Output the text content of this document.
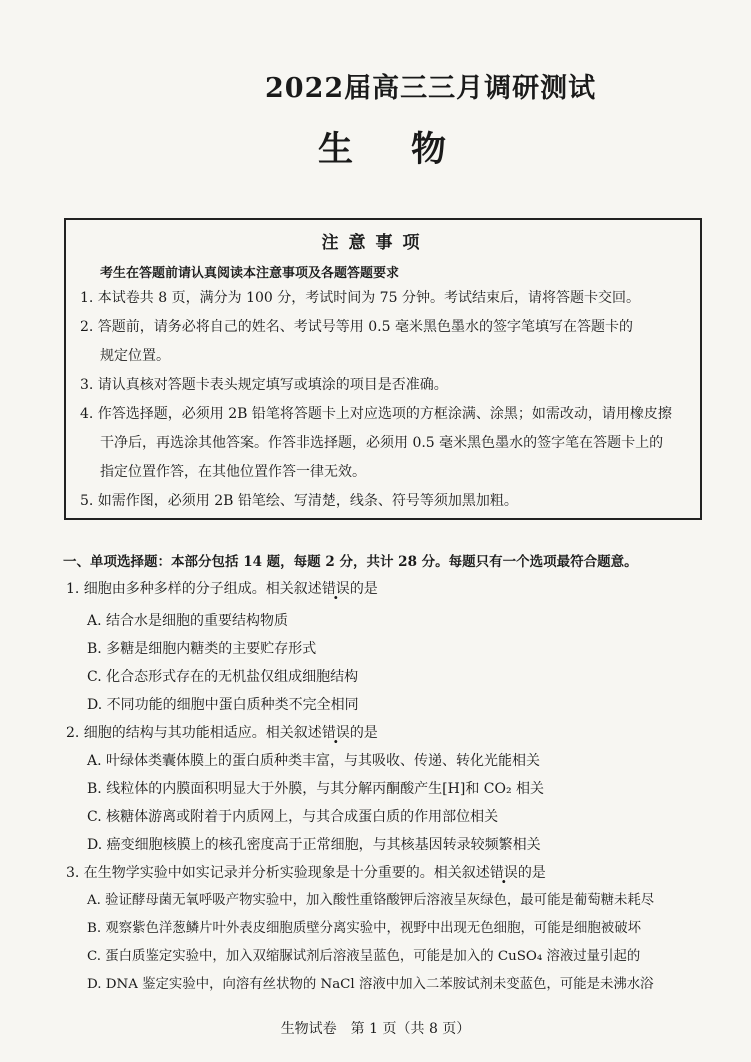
2022届高三三月调研测试
生物
注意事项
考生在答题前请认真阅读本注意事项及各题答题要求
1. 本试卷共 8 页，满分为 100 分，考试时间为 75 分钟。考试结束后，请将答题卡交回。
2. 答题前，请务必将自己的姓名、考试号等用 0.5 毫米黑色墨水的签字笔填写在答题卡的
规定位置。
3. 请认真核对答题卡表头规定填写或填涂的项目是否准确。
4. 作答选择题，必须用 2B 铅笔将答题卡上对应选项的方框涂满、涂黑；如需改动，请用橡皮擦
干净后，再选涂其他答案。作答非选择题，必须用 0.5 毫米黑色墨水的签字笔在答题卡上的
指定位置作答，在其他位置作答一律无效。
5. 如需作图，必须用 2B 铅笔绘、写清楚，线条、符号等须加黑加粗。
一、单项选择题：本部分包括 14 题，每题 2 分，共计 28 分。每题只有一个选项最符合题意。
1. 细胞由多种多样的分子组成。相关叙述错误的是
A. 结合水是细胞的重要结构物质
B. 多糖是细胞内糖类的主要贮存形式
C. 化合态形式存在的无机盐仅组成细胞结构
D. 不同功能的细胞中蛋白质种类不完全相同
2. 细胞的结构与其功能相适应。相关叙述错误的是
A. 叶绿体类囊体膜上的蛋白质种类丰富，与其吸收、传递、转化光能相关
B. 线粒体的内膜面积明显大于外膜，与其分解丙酮酸产生[H]和 CO₂ 相关
C. 核糖体游离或附着于内质网上，与其合成蛋白质的作用部位相关
D. 癌变细胞核膜上的核孔密度高于正常细胞，与其核基因转录较频繁相关
3. 在生物学实验中如实记录并分析实验现象是十分重要的。相关叙述错误的是
A. 验证酵母菌无氧呼吸产物实验中，加入酸性重铬酸钾后溶液呈灰绿色，最可能是葡萄糖未耗尽
B. 观察紫色洋葱鳞片叶外表皮细胞质壁分离实验中，视野中出现无色细胞，可能是细胞被破坏
C. 蛋白质鉴定实验中，加入双缩脲试剂后溶液呈蓝色，可能是加入的 CuSO₄ 溶液过量引起的
D. DNA 鉴定实验中，向溶有丝状物的 NaCl 溶液中加入二苯胺试剂未变蓝色，可能是未沸水浴
生物试卷　第 1 页（共 8 页）
